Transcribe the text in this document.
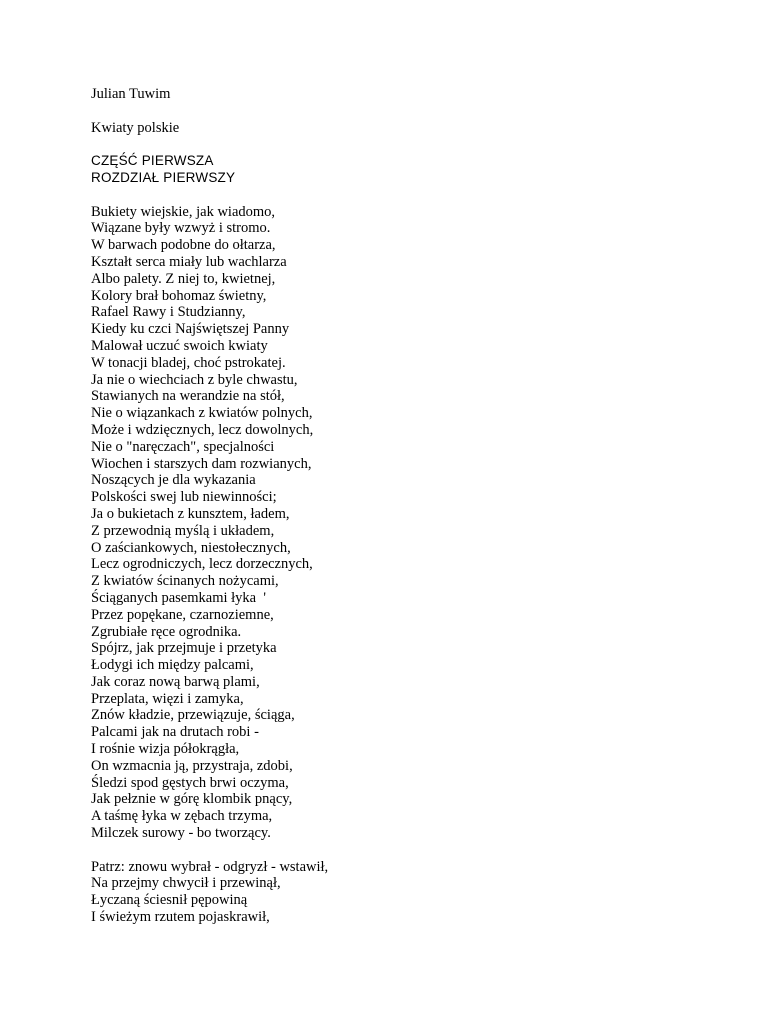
Julian Tuwim
Kwiaty polskie
CZĘŚĆ PIERWSZA
ROZDZIAŁ PIERWSZY
Bukiety wiejskie, jak wiadomo,
Wiązane były wzwyż i stromo.
W barwach podobne do ołtarza,
Kształt serca miały lub wachlarza
Albo palety. Z niej to, kwietnej,
Kolory brał bohomaz świetny,
Rafael Rawy i Studzianny,
Kiedy ku czci Najświętszej Panny
Malował uczuć swoich kwiaty
W tonacji bladej, choć pstrokatej.
Ja nie o wiechciach z byle chwastu,
Stawianych na werandzie na stół,
Nie o wiązankach z kwiatów polnych,
Może i wdzięcznych, lecz dowolnych,
Nie o "naręczach", specjalności
Wiochen i starszych dam rozwianych,
Noszących je dla wykazania
Polskości swej lub niewinności;
Ja o bukietach z kunsztem, ładem,
Z przewodnią myślą i układem,
O zaściankowych, niestołecznych,
Lecz ogrodniczych, lecz dorzecznych,
Z kwiatów ścinanych nożycami,
Ściąganych pasemkami łyka  '
Przez popękane, czarnoziemne,
Zgrubiałe ręce ogrodnika.
Spójrz, jak przejmuje i przetyka
Łodygi ich między palcami,
Jak coraz nową barwą plami,
Przeplata, więzi i zamyka,
Znów kładzie, przewiązuje, ściąga,
Palcami jak na drutach robi -
I rośnie wizja półokrągła,
On wzmacnia ją, przystraja, zdobi,
Śledzi spod gęstych brwi oczyma,
Jak pełznie w górę klombik pnący,
A taśmę łyka w zębach trzyma,
Milczek surowy - bo tworzący.
Patrz: znowu wybrał - odgryzł - wstawił,
Na przejmy chwycił i przewinął,
Łyczaną ściesnił pępowiną
I świeżym rzutem pojaskrawił,
